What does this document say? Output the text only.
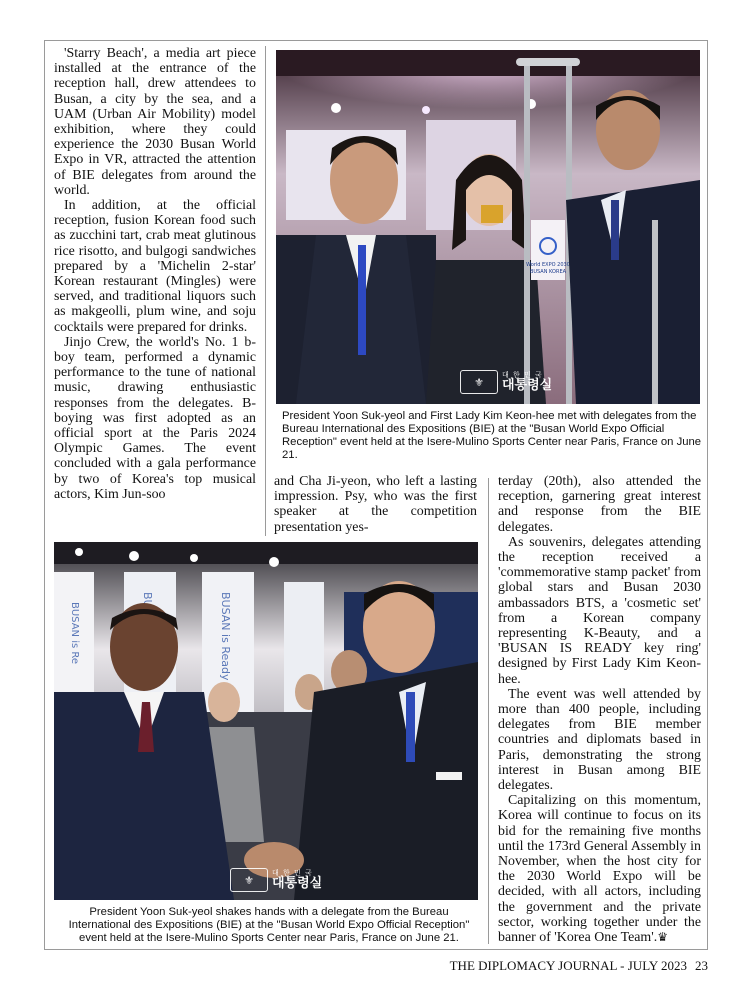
'Starry Beach', a media art piece installed at the entrance of the reception hall, drew attendees to Busan, a city by the sea, and a UAM (Urban Air Mobility) model exhibition, where they could experience the 2030 Busan World Expo in VR, attracted the attention of BIE delegates from around the world.

In addition, at the official reception, fusion Korean food such as zucchini tart, crab meat glutinous rice risotto, and bulgogi sandwiches prepared by a 'Michelin 2-star' Korean restaurant (Mingles) were served, and traditional liquors such as makgeolli, plum wine, and soju cocktails were prepared for drinks.

Jinjo Crew, the world's No. 1 b-boy team, performed a dynamic performance to the tune of national music, drawing enthusiastic responses from the delegates. B-boying was first adopted as an official sport at the Paris 2024 Olympic Games. The event concluded with a gala performance by two of Korea's top musical actors, Kim Jun-soo

World EXPO 2030
BUSAN KOREA
⚜
대 한 민 국
대통령실
President Yoon Suk-yeol and First Lady Kim Keon-hee met with delegates from the Bureau International des Expositions (BIE) at the "Busan World Expo Official Reception" event held at the Isere-Mulino Sports Center near Paris, France on June 21.

and Cha Ji-yeon, who left a lasting impression. Psy, who was the first speaker at the competition presentation yes-

BUSAN is Re	BUSAN is Ready
⚜
대 한 민 국
대통령실
President Yoon Suk-yeol shakes hands with a delegate from the Bureau International des Expositions (BIE) at the "Busan World Expo Official Reception" event held at the Isere-Mulino Sports Center near Paris, France on June 21.

terday (20th), also attended the reception, garnering great interest and response from the BIE delegates.

As souvenirs, delegates attending the reception received a 'commemorative stamp packet' from global stars and Busan 2030 ambassadors BTS, a 'cosmetic set' from a Korean company representing K-Beauty, and a 'BUSAN IS READY key ring' designed by First Lady Kim Keon-hee.

The event was well attended by more than 400 people, including delegates from BIE member countries and diplomats based in Paris, demonstrating the strong interest in Busan among BIE delegates.

Capitalizing on this momentum, Korea will continue to focus on its bid for the remaining five months until the 173rd General Assembly in November, when the host city for the 2030 World Expo will be decided, with all actors, including the government and the private sector, working together under the banner of 'Korea One Team'.♛

THE DIPLOMACY JOURNAL - JULY 2023 23
